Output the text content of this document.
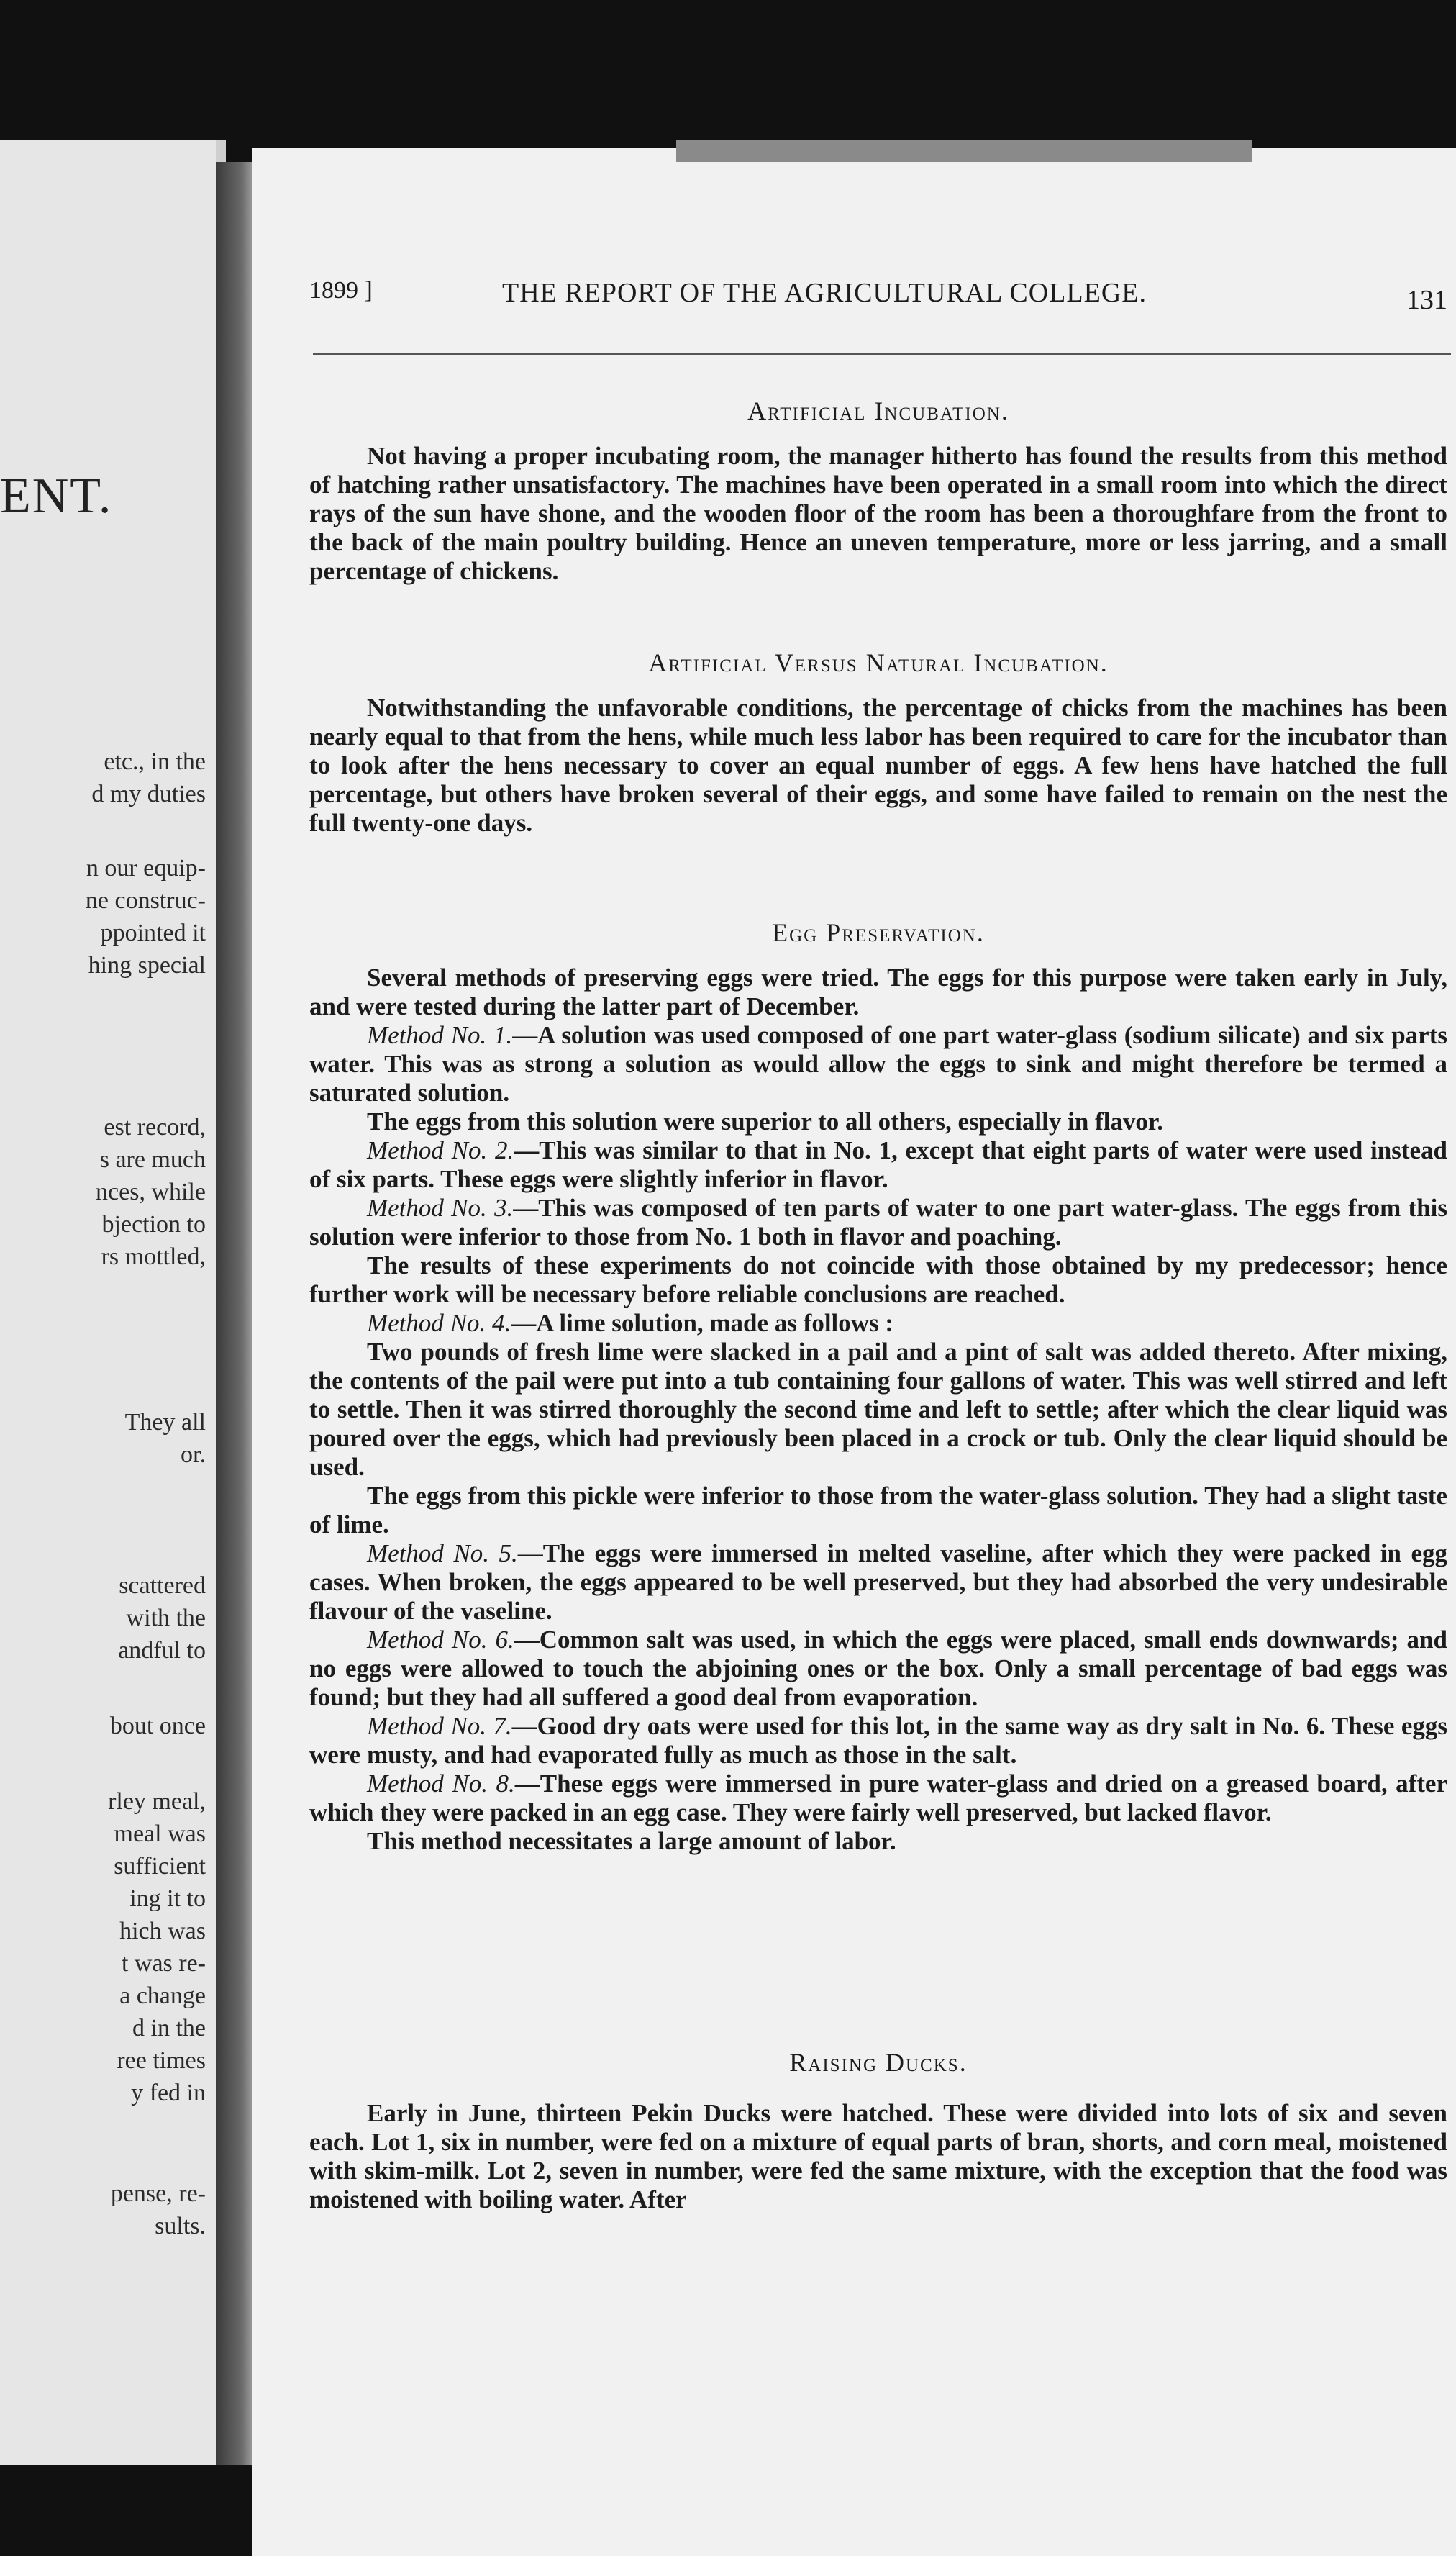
ENT.
etc., in the
d my duties
n our equip-
ne construc-
ppointed it
hing special
est record,
s are much
nces, while
bjection to
rs mottled,
They all
or.
scattered
with the
andful to
bout once
rley meal,
meal was
sufficient
ing it to
hich was
t was re-
a change
d in the
ree times
y fed in
pense, re-
sults.
1899 ]	THE REPORT OF THE AGRICULTURAL COLLEGE.	131
Artificial Incubation.

Not having a proper incubating room, the manager hitherto has found the results from this method of hatching rather unsatisfactory. The machines have been operated in a small room into which the direct rays of the sun have shone, and the wooden floor of the room has been a thoroughfare from the front to the back of the main poultry building. Hence an uneven temperature, more or less jarring, and a small percentage of chickens.

Artificial Versus Natural Incubation.

Notwithstanding the unfavorable conditions, the percentage of chicks from the machines has been nearly equal to that from the hens, while much less labor has been required to care for the incubator than to look after the hens necessary to cover an equal number of eggs. A few hens have hatched the full percentage, but others have broken several of their eggs, and some have failed to remain on the nest the full twenty-one days.

Egg Preservation.

Several methods of preserving eggs were tried. The eggs for this purpose were taken early in July, and were tested during the latter part of December.

Method No. 1.—A solution was used composed of one part water-glass (sodium silicate) and six parts water. This was as strong a solution as would allow the eggs to sink and might therefore be termed a saturated solution.

The eggs from this solution were superior to all others, especially in flavor.

Method No. 2.—This was similar to that in No. 1, except that eight parts of water were used instead of six parts. These eggs were slightly inferior in flavor.

Method No. 3.—This was composed of ten parts of water to one part water-glass. The eggs from this solution were inferior to those from No. 1 both in flavor and poaching.

The results of these experiments do not coincide with those obtained by my predecessor; hence further work will be necessary before reliable conclusions are reached.

Method No. 4.—A lime solution, made as follows :

Two pounds of fresh lime were slacked in a pail and a pint of salt was added thereto. After mixing, the contents of the pail were put into a tub containing four gallons of water. This was well stirred and left to settle. Then it was stirred thoroughly the second time and left to settle; after which the clear liquid was poured over the eggs, which had previously been placed in a crock or tub. Only the clear liquid should be used.

The eggs from this pickle were inferior to those from the water-glass solution. They had a slight taste of lime.

Method No. 5.—The eggs were immersed in melted vaseline, after which they were packed in egg cases. When broken, the eggs appeared to be well preserved, but they had absorbed the very undesirable flavour of the vaseline.

Method No. 6.—Common salt was used, in which the eggs were placed, small ends downwards; and no eggs were allowed to touch the abjoining ones or the box. Only a small percentage of bad eggs was found; but they had all suffered a good deal from evaporation.

Method No. 7.—Good dry oats were used for this lot, in the same way as dry salt in No. 6. These eggs were musty, and had evaporated fully as much as those in the salt.

Method No. 8.—These eggs were immersed in pure water-glass and dried on a greased board, after which they were packed in an egg case. They were fairly well preserved, but lacked flavor.

This method necessitates a large amount of labor.

Raising Ducks.

Early in June, thirteen Pekin Ducks were hatched. These were divided into lots of six and seven each. Lot 1, six in number, were fed on a mixture of equal parts of bran, shorts, and corn meal, moistened with skim-milk. Lot 2, seven in number, were fed the same mixture, with the exception that the food was moistened with boiling water. After
